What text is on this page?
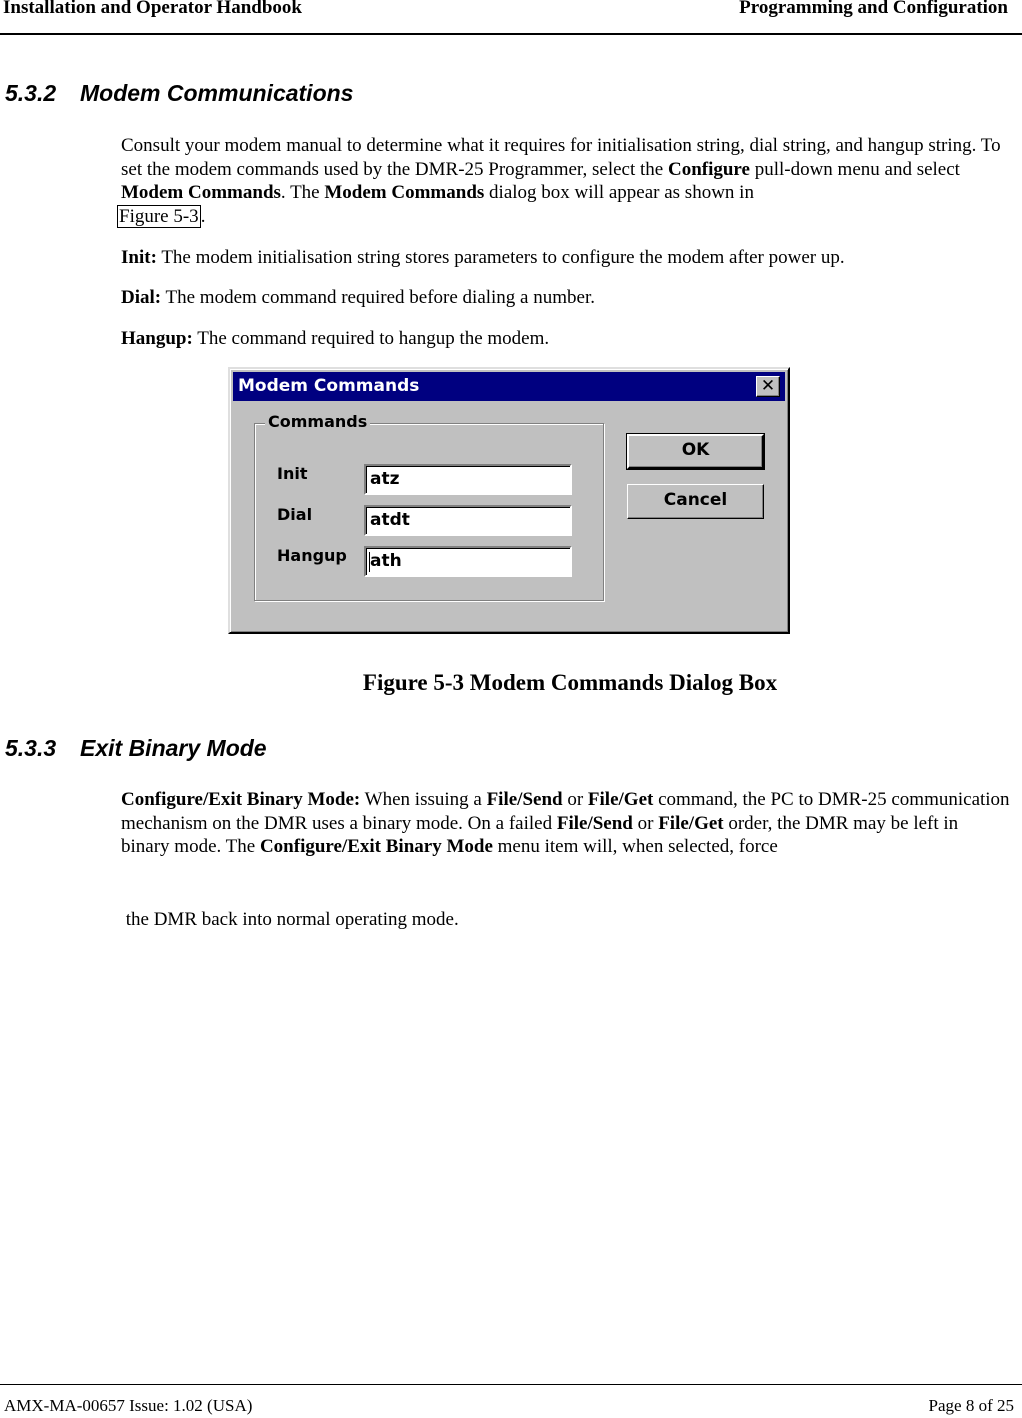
Installation and Operator Handbook	Programming and Configuration
5.3.2 Modem Communications
Consult your modem manual to determine what it requires for initialisation string, dial string, and hangup string. To set the modem commands used by the DMR-25 Programmer, select the Configure pull-down menu and select Modem Commands. The Modem Commands dialog box will appear as shown in
Figure 5-3 .
Init: The modem initialisation string stores parameters to configure the modem after power up.
Dial: The modem command required before dialing a number.
Hangup: The command required to hangup the modem.
Modem Commands	✕
Commands
Init	atz
Dial	atdt
Hangup	ath
OK
Cancel
Figure 5-3 Modem Commands Dialog Box
5.3.3 Exit Binary Mode
Configure/Exit Binary Mode: When issuing a File/Send or File/Get command, the PC to DMR-25 communication mechanism on the DMR uses a binary mode. On a failed File/Send or File/Get order, the DMR may be left in binary mode. The Configure/Exit Binary Mode menu item will, when selected, force
the DMR back into normal operating mode.
AMX-MA-00657 Issue: 1.02 (USA)	Page 8 of 25
